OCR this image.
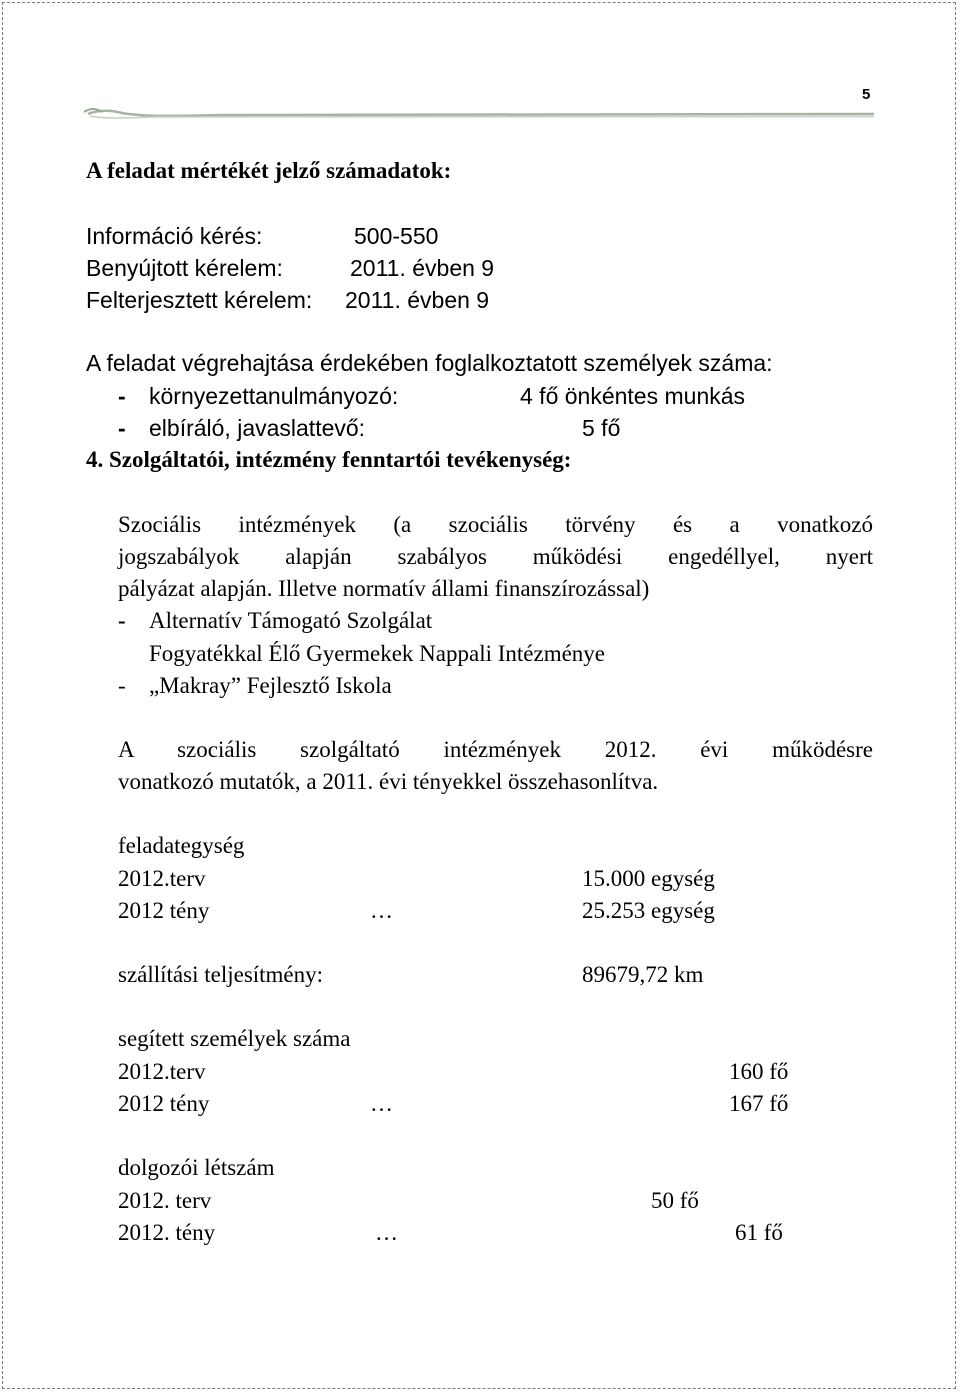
5
A feladat mértékét jelző számadatok:
Információ kérés:	500-550
Benyújtott kérelem:	2011. évben 9
Felterjesztett kérelem: 2011. évben 9
A feladat végrehajtása érdekében foglalkoztatott személyek száma:
- környezettanulmányozó:	4 fő önkéntes munkás
- elbíráló, javaslattevő:	5 fő
4. Szolgáltatói, intézmény fenntartói tevékenység:
Szociális intézmények (a szociális törvény és a vonatkozó
jogszabályok alapján szabályos működési engedéllyel, nyert
pályázat alapján. Illetve normatív állami finanszírozással)
- Alternatív Támogató Szolgálat
Fogyatékkal Élő Gyermekek Nappali Intézménye
- „Makray” Fejlesztő Iskola
A szociális szolgáltató intézmények 2012. évi működésre
vonatkozó mutatók, a 2011. évi tényekkel összehasonlítva.
feladategység
2012.terv	15.000 egység
2012 tény	…	25.253 egység
szállítási teljesítmény:	89679,72 km
segített személyek száma
2012.terv	160 fő
2012 tény	…	167 fő
dolgozói létszám
2012. terv	50 fő
2012. tény	…	61 fő
